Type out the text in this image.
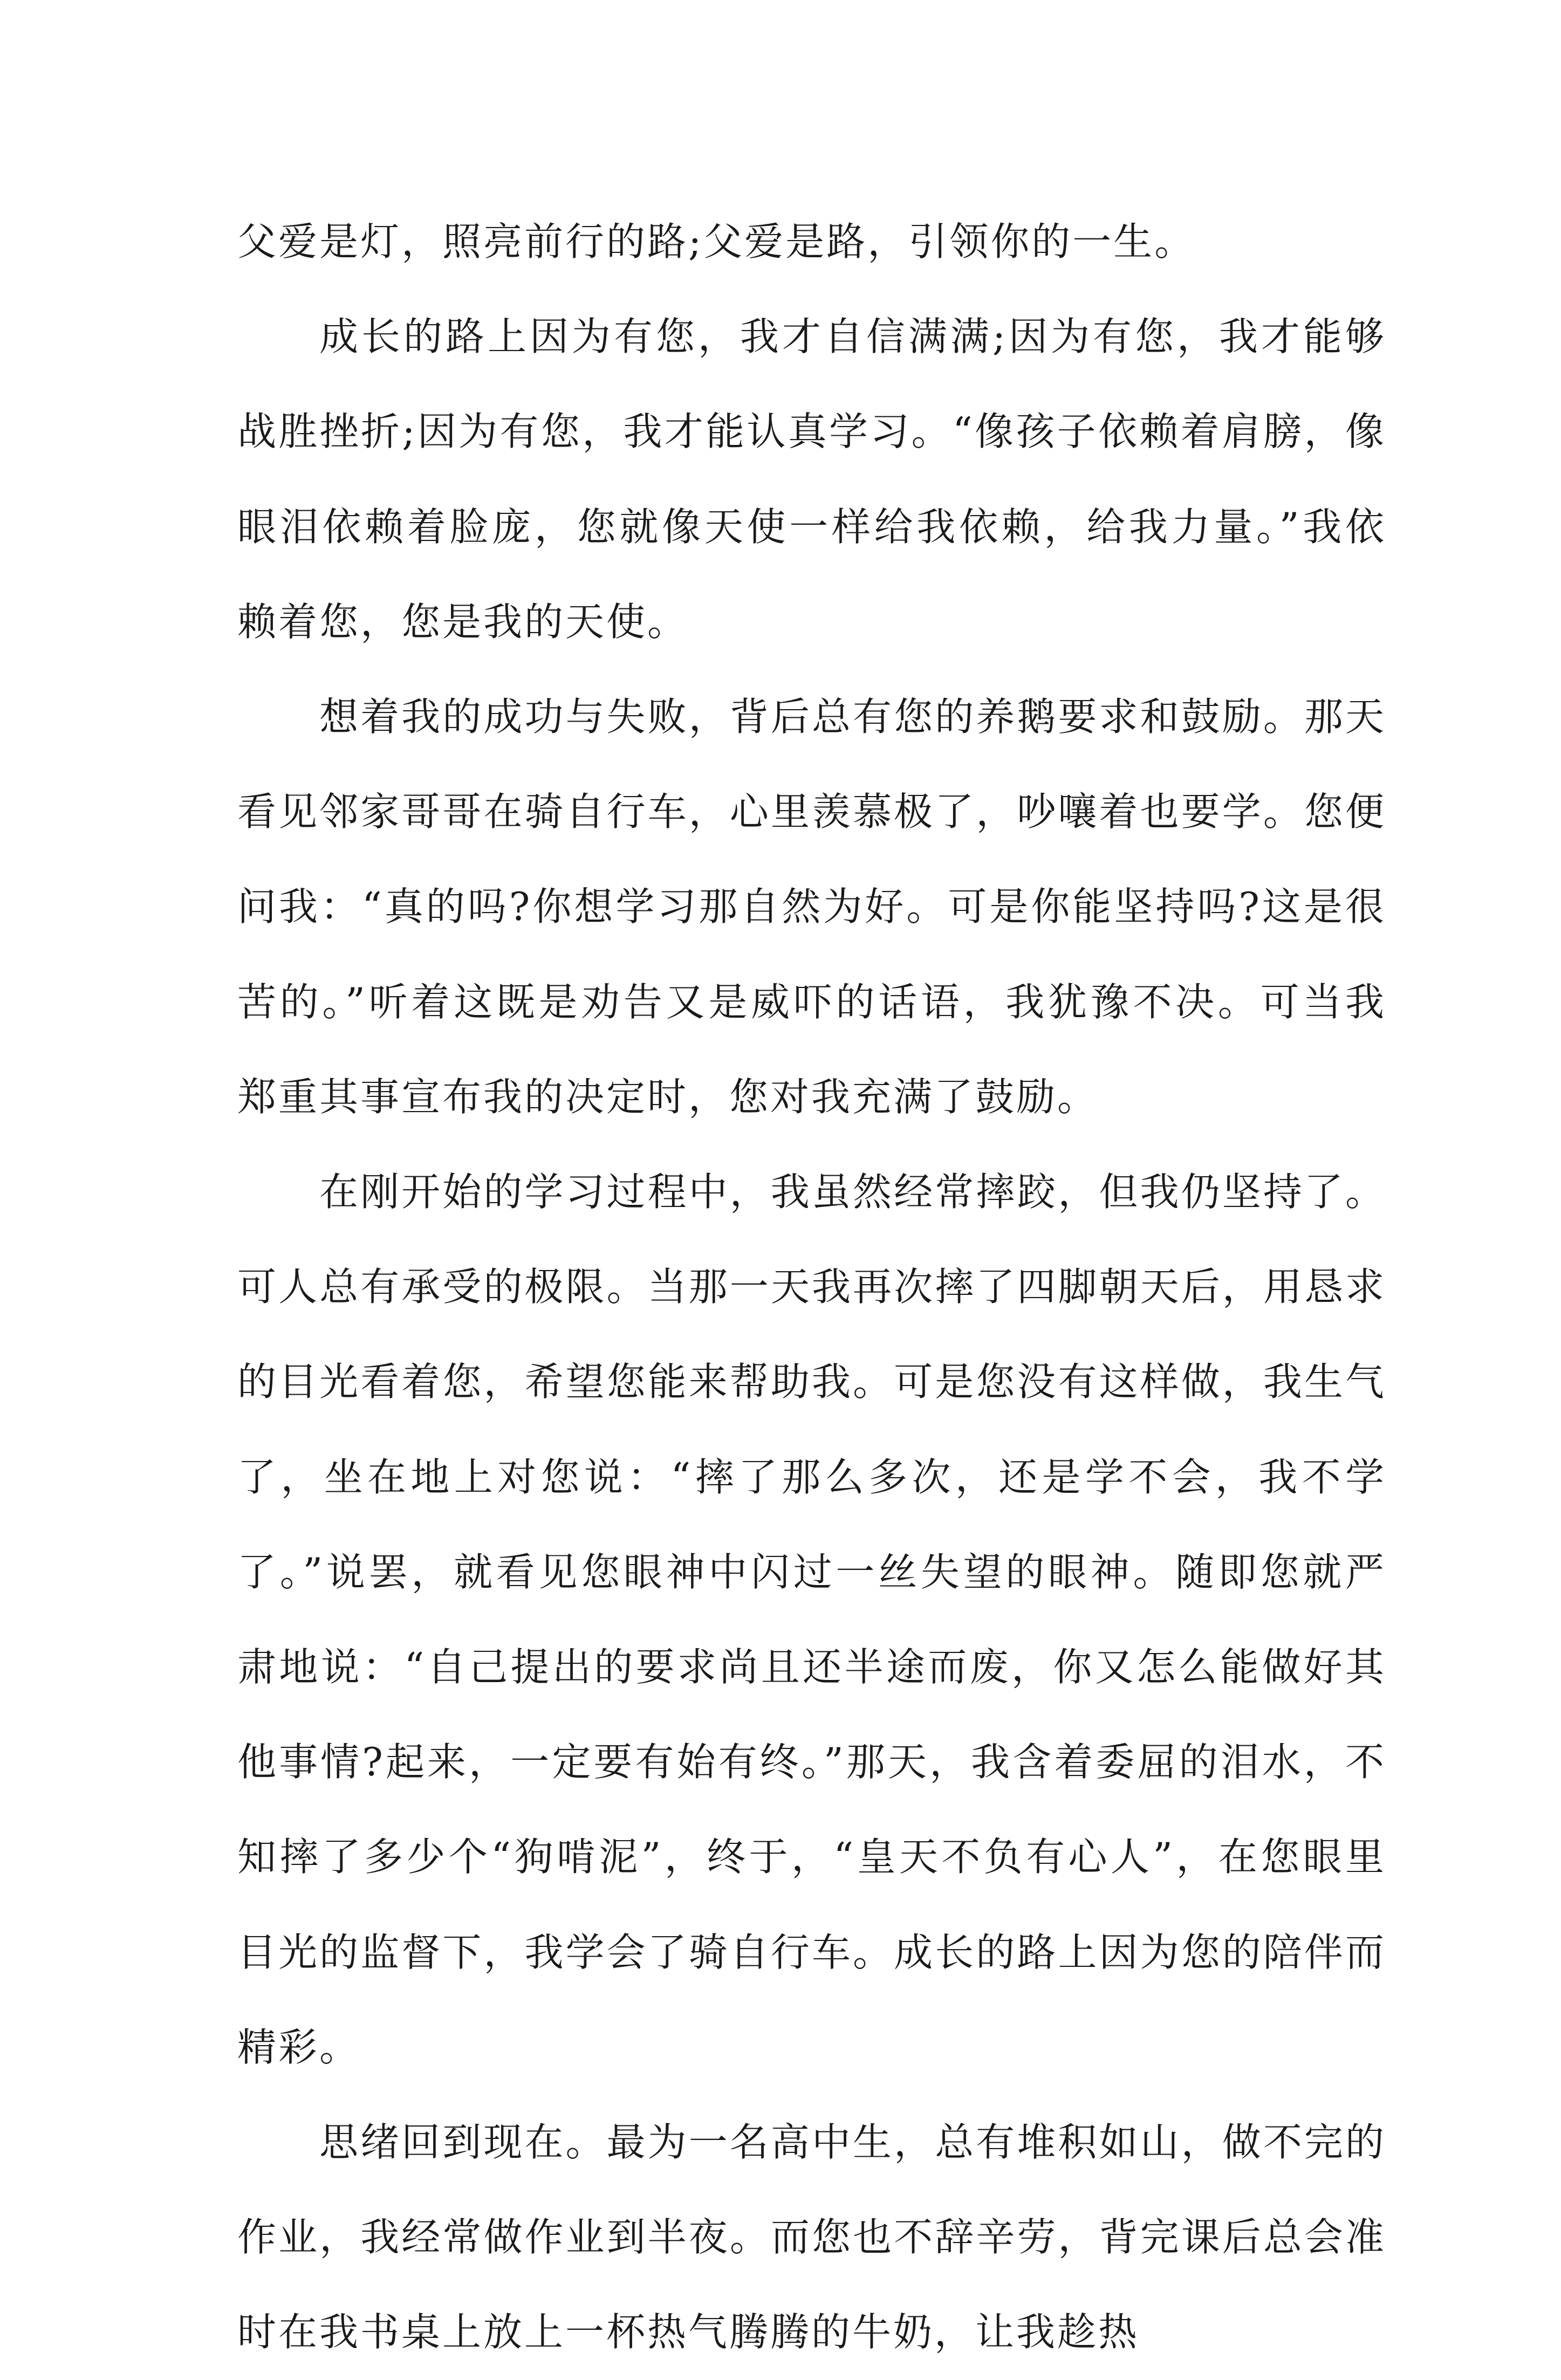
父爱是灯，照亮前行的路;父爱是路，引领你的一生。

成长的路上因为有您，我才自信满满;因为有您，我才能够战胜挫折;因为有您，我才能认真学习。“像孩子依赖着肩膀，像眼泪依赖着脸庞，您就像天使一样给我依赖，给我力量。”我依赖着您，您是我的天使。

想着我的成功与失败，背后总有您的养鹅要求和鼓励。那天看见邻家哥哥在骑自行车，心里羡慕极了，吵嚷着也要学。您便问我：“真的吗?你想学习那自然为好。可是你能坚持吗?这是很苦的。”听着这既是劝告又是威吓的话语，我犹豫不决。可当我郑重其事宣布我的决定时，您对我充满了鼓励。

在刚开始的学习过程中，我虽然经常摔跤，但我仍坚持了。可人总有承受的极限。当那一天我再次摔了四脚朝天后，用恳求的目光看着您，希望您能来帮助我。可是您没有这样做，我生气了，坐在地上对您说：“摔了那么多次，还是学不会，我不学了。”说罢，就看见您眼神中闪过一丝失望的眼神。随即您就严肃地说：“自己提出的要求尚且还半途而废，你又怎么能做好其他事情?起来，一定要有始有终。”那天，我含着委屈的泪水，不知摔了多少个“狗啃泥”，终于，“皇天不负有心人”，在您眼里目光的监督下，我学会了骑自行车。成长的路上因为您的陪伴而精彩。

思绪回到现在。最为一名高中生，总有堆积如山，做不完的作业，我经常做作业到半夜。而您也不辞辛劳，背完课后总会准时在我书桌上放上一杯热气腾腾的牛奶，让我趁热
